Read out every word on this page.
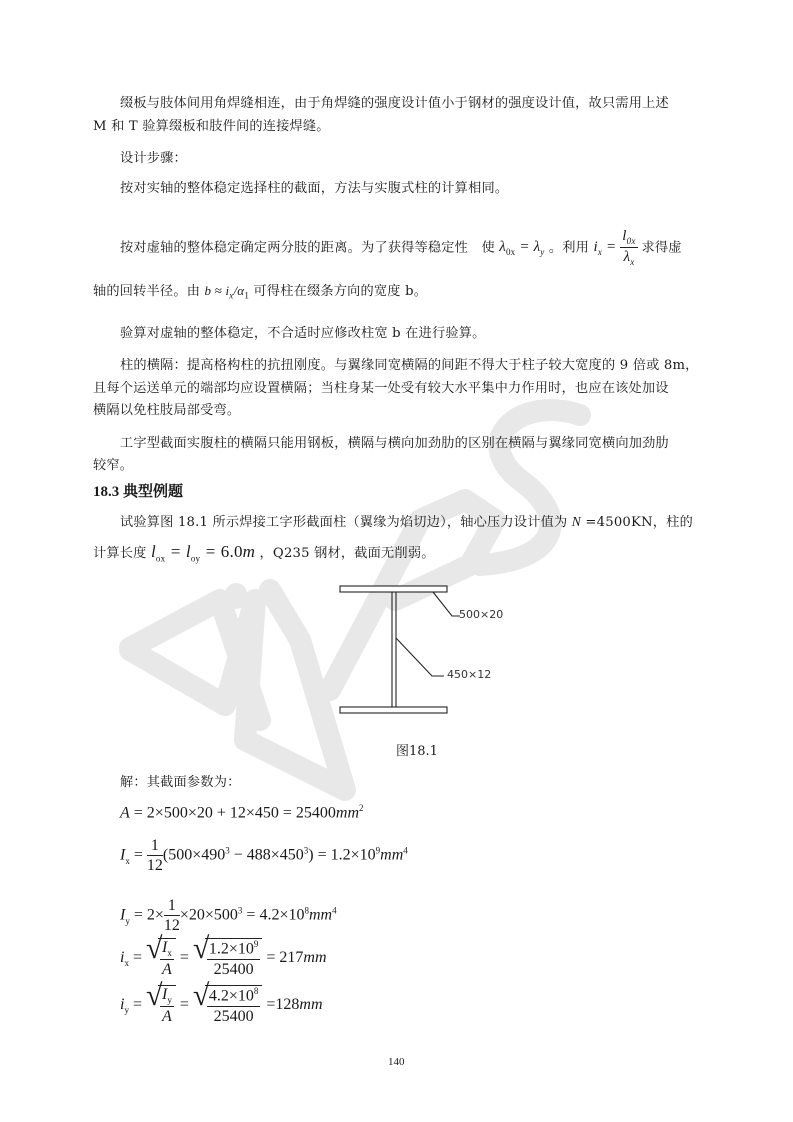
缀板与肢体间用角焊缝相连，由于角焊缝的强度设计值小于钢材的强度设计值，故只需用上述
M 和 T 验算缀板和肢件间的连接焊缝。
设计步骤：
按对实轴的整体稳定选择柱的截面，方法与实腹式柱的计算相同。
按对虚轴的整体稳定确定两分肢的距离。为了获得等稳定性　使 $\lambda_{0x} = \lambda_y$ 。利用 $i_x = \frac{l_{0x}}{\lambda_x}$ 求得虚
轴的回转半径。由 $b \approx i_x/\alpha_1$ 可得柱在缀条方向的宽度 b。
验算对虚轴的整体稳定，不合适时应修改柱宽 b 在进行验算。
柱的横隔：提高格构柱的抗扭刚度。与翼缘同宽横隔的间距不得大于柱子较大宽度的 9 倍或 8m，
且每个运送单元的端部均应设置横隔；当柱身某一处受有较大水平集中力作用时，也应在该处加设
横隔以免柱肢局部受弯。
工字型截面实腹柱的横隔只能用钢板，横隔与横向加劲肋的区别在横隔与翼缘同宽横向加劲肋
较窄。
18.3 典型例题
试验算图 18.1 所示焊接工字形截面柱（翼缘为焰切边），轴心压力设计值为 N =4500KN，柱的
计算长度 $l_{ox} = l_{oy} = 6.0m$ ，Q235 钢材，截面无削弱。
500×20
450×12
图18.1
解：其截面参数为：
$A = 2\times 500\times 20 + 12\times 450 = 25400mm^2$
$I_x = \frac{1}{12} (500\times 490^3 - 488\times 450^3) = 1.2\times 10^9mm^4$
$I_y = 2\times \frac{1}{12} \times 20\times 500^3 = 4.2\times 10^8mm^4$
$i_x$ = √
$\frac{I_x}{A}$ = √
$\frac{1.2\times 10^9}{25400} = 217mm$
$i_y$ = √
$\frac{I_y}{A}$ = √
$\frac{4.2\times 10^8}{25400} =128mm$
140
